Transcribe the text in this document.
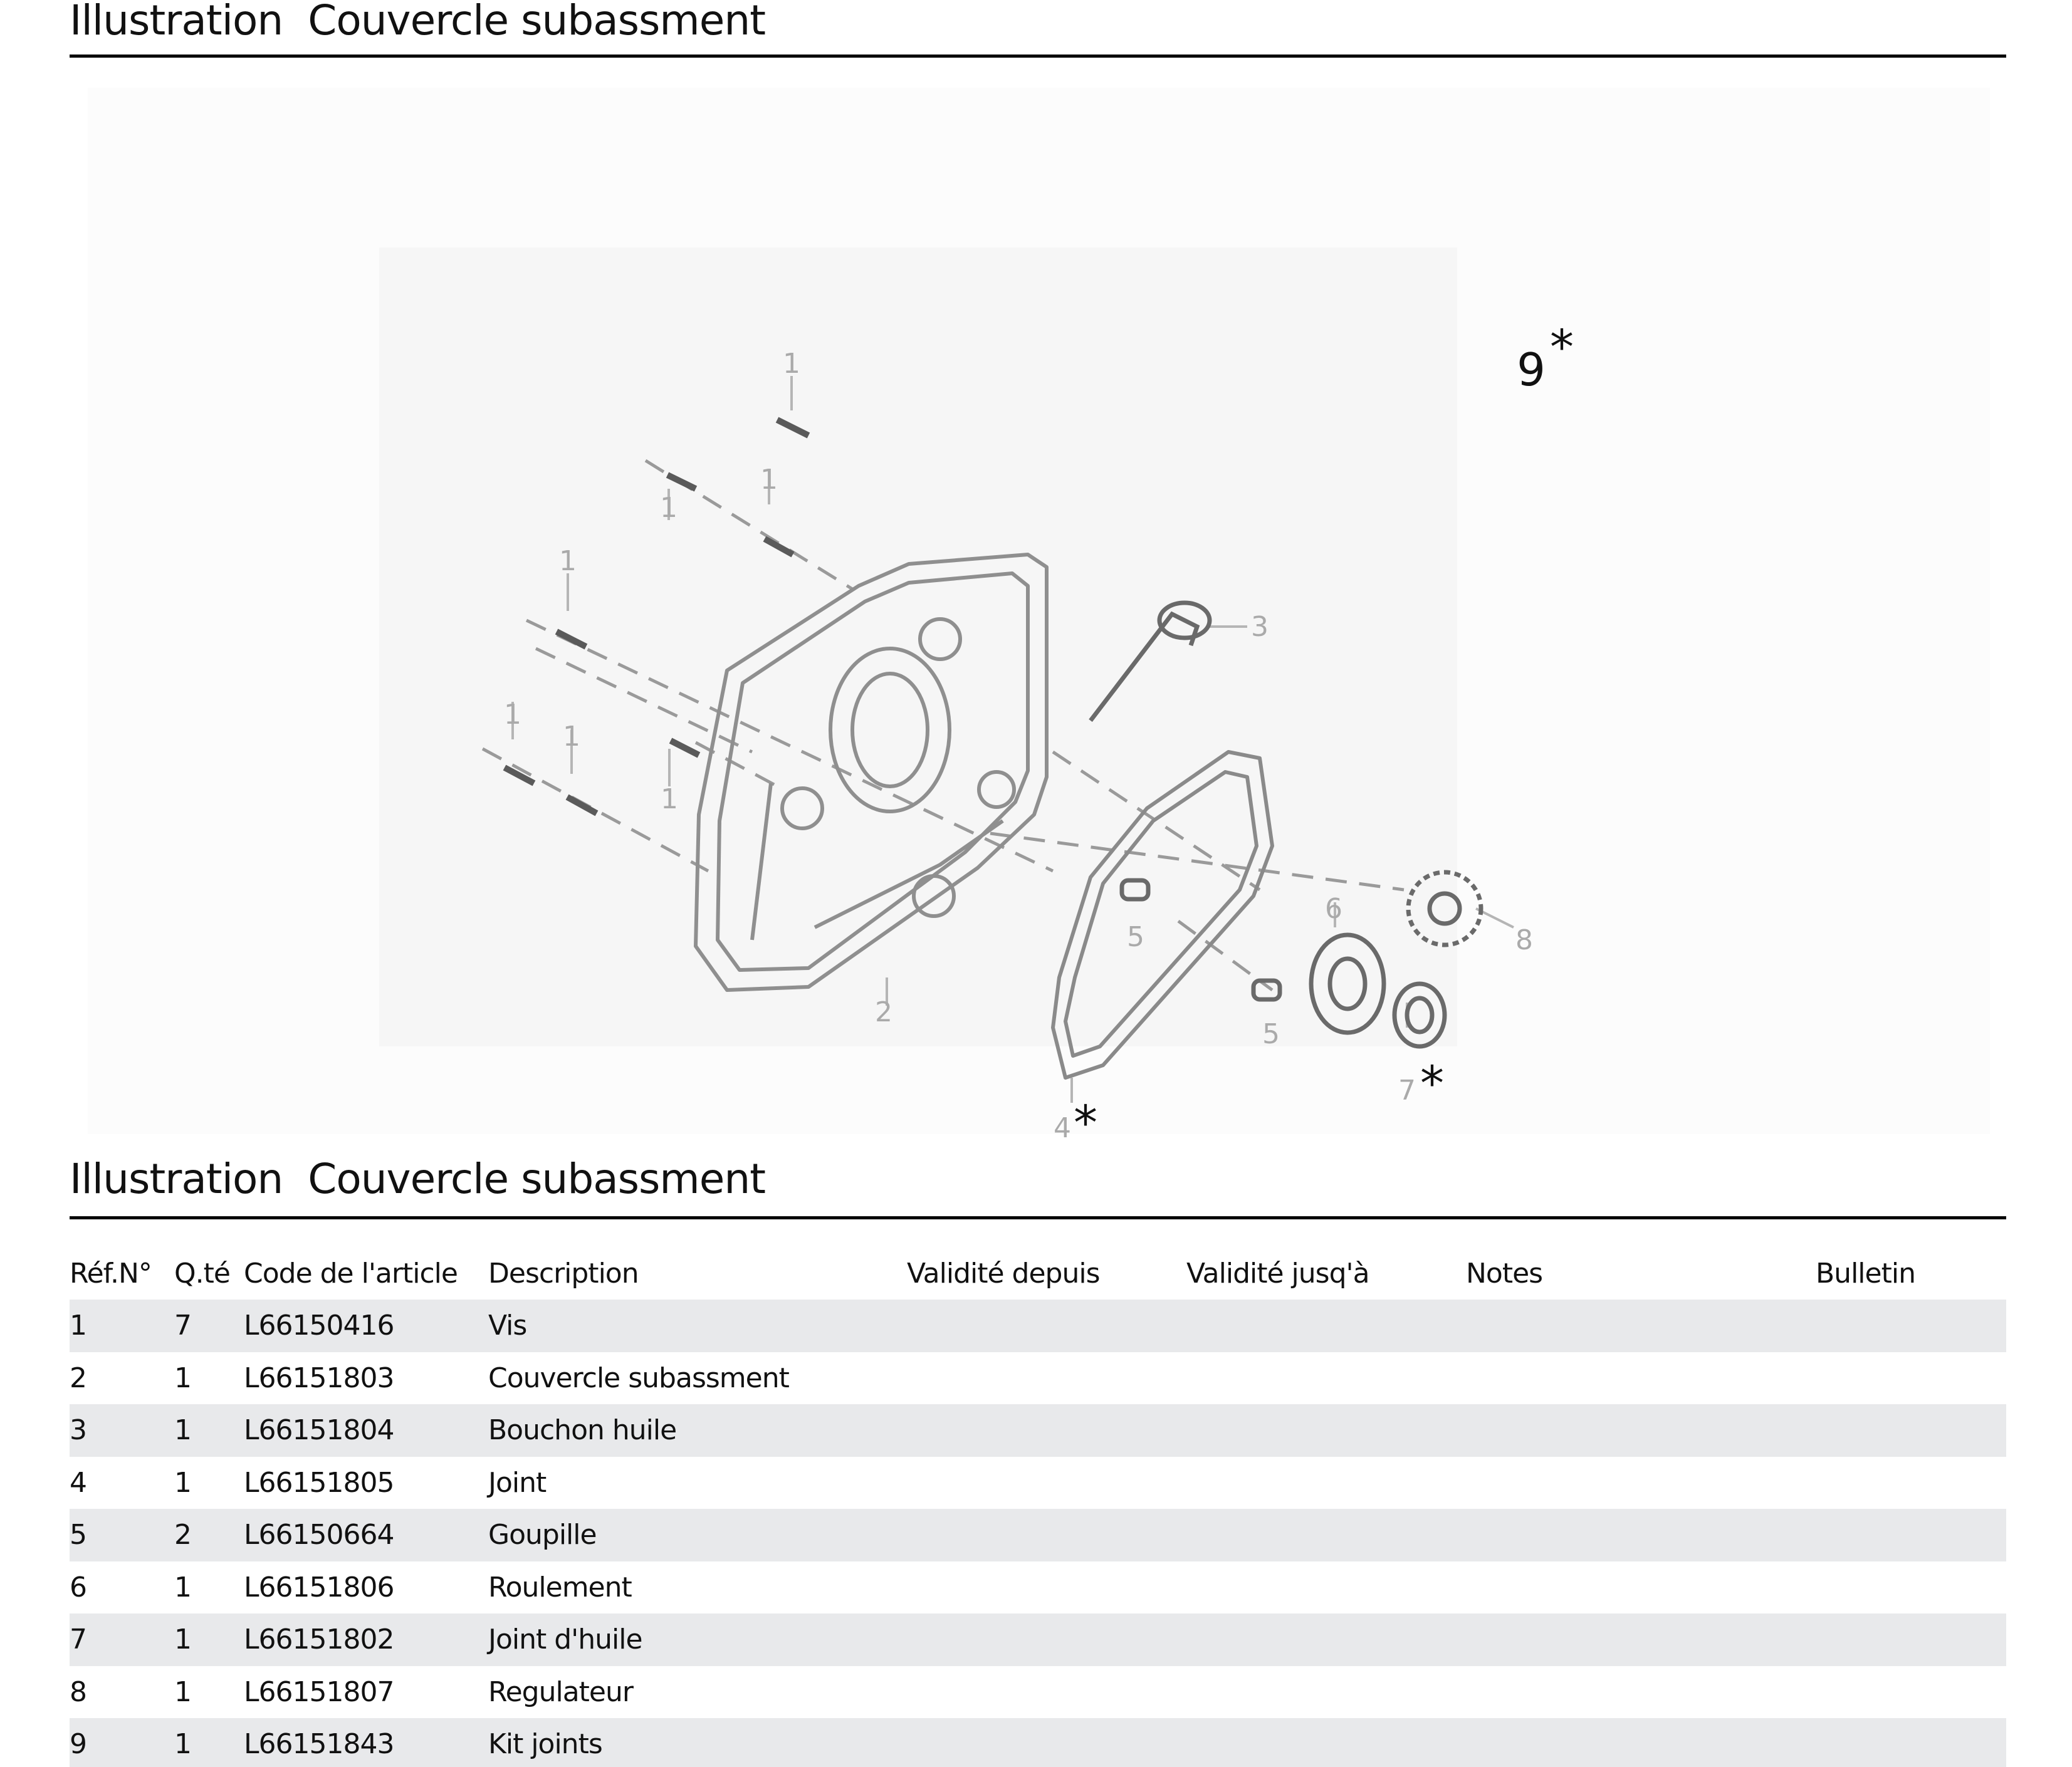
Illustration Couvercle subassment
1
1
1
1
1
1
1
2
3
4
5
5
6
7
8
9 *
*
*
Illustration Couvercle subassment
Réf.N°	Q.té	Code de l'article	Description	Validité depuis	Validité jusq'à	Notes	Bulletin
1	7	L66150416	Vis				
2	1	L66151803	Couvercle subassment				
3	1	L66151804	Bouchon huile				
4	1	L66151805	Joint				
5	2	L66150664	Goupille				
6	1	L66151806	Roulement				
7	1	L66151802	Joint d'huile				
8	1	L66151807	Regulateur				
9	1	L66151843	Kit joints				
